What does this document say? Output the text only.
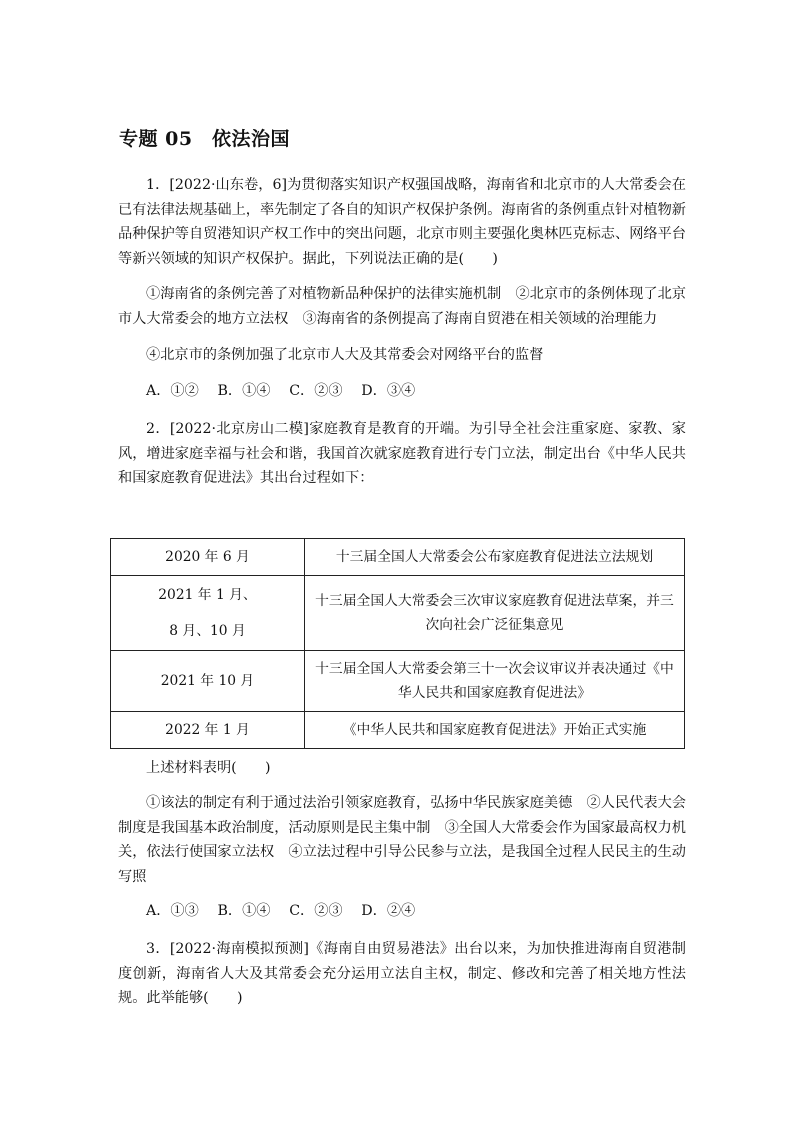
专题 05　依法治国

1．[2022·山东卷，6]为贯彻落实知识产权强国战略，海南省和北京市的人大常委会在已有法律法规基础上，率先制定了各自的知识产权保护条例。海南省的条例重点针对植物新品种保护等自贸港知识产权工作中的突出问题，北京市则主要强化奥林匹克标志、网络平台等新兴领域的知识产权保护。据此，下列说法正确的是(　　)

①海南省的条例完善了对植物新品种保护的法律实施机制　②北京市的条例体现了北京市人大常委会的地方立法权　③海南省的条例提高了海南自贸港在相关领域的治理能力

④北京市的条例加强了北京市人大及其常委会对网络平台的监督

A．①②　 B．①④　 C．②③　 D．③④

2．[2022·北京房山二模]家庭教育是教育的开端。为引导全社会注重家庭、家教、家风，增进家庭幸福与社会和谐，我国首次就家庭教育进行专门立法，制定出台《中华人民共和国家庭教育促进法》其出台过程如下：

2020 年 6 月	十三届全国人大常委会公布家庭教育促进法立法规划

2021 年 1 月、
8 月、10 月	十三届全国人大常委会三次审议家庭教育促进法草案，并三次向社会广泛征集意见

2021 年 10 月	十三届全国人大常委会第三十一次会议审议并表决通过《中华人民共和国家庭教育促进法》

2022 年 1 月	《中华人民共和国家庭教育促进法》开始正式实施

上述材料表明(　　)

①该法的制定有利于通过法治引领家庭教育，弘扬中华民族家庭美德　②人民代表大会制度是我国基本政治制度，活动原则是民主集中制　③全国人大常委会作为国家最高权力机关，依法行使国家立法权　④立法过程中引导公民参与立法，是我国全过程人民民主的生动写照

A．①③　 B．①④　 C．②③　 D．②④

3．[2022·海南模拟预测]《海南自由贸易港法》出台以来，为加快推进海南自贸港制度创新，海南省人大及其常委会充分运用立法自主权，制定、修改和完善了相关地方性法规。此举能够(　　)
